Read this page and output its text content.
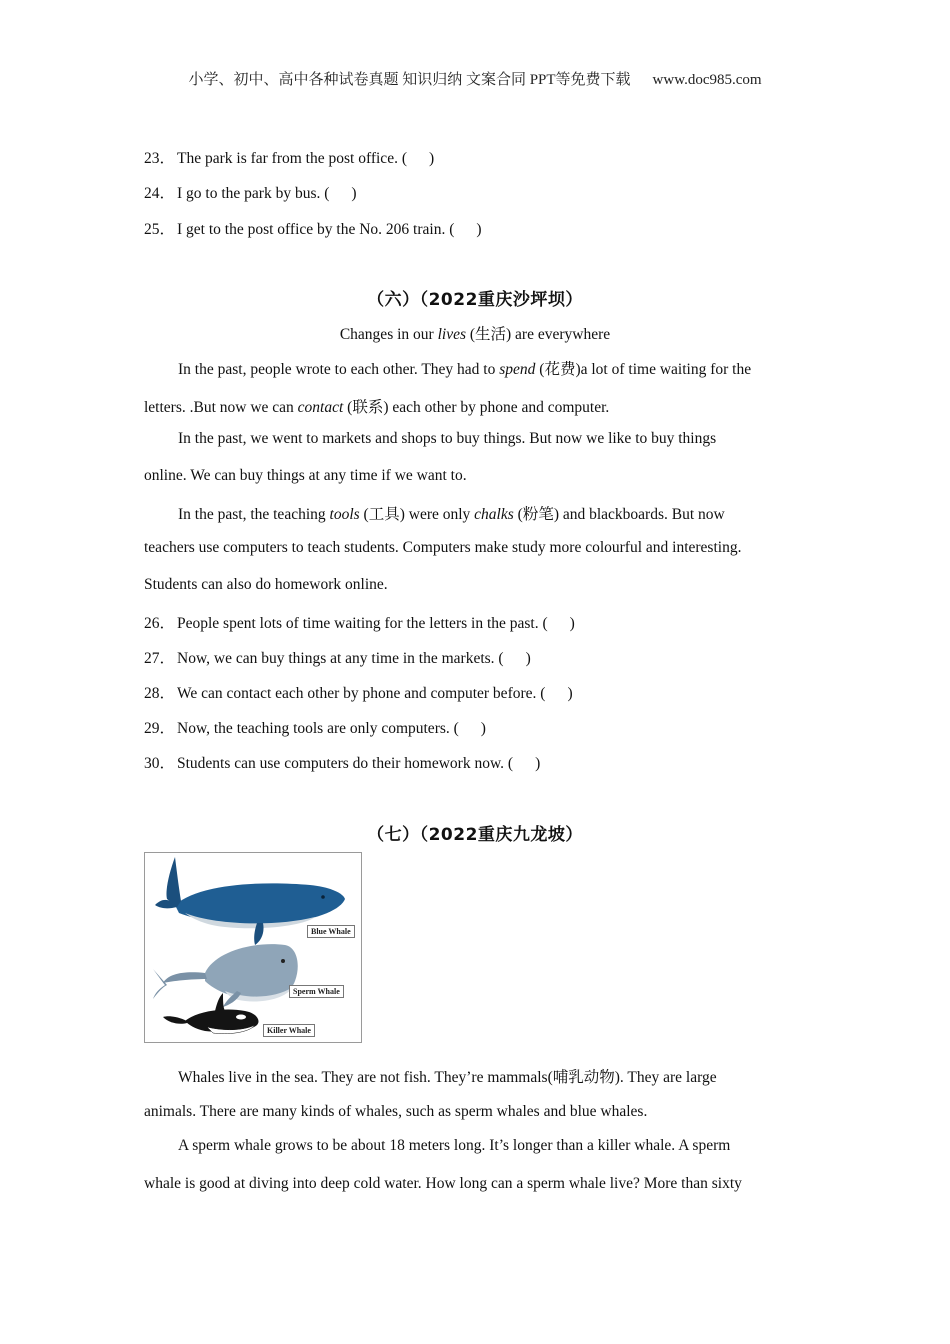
小学、初中、高中各种试卷真题 知识归纳 文案合同 PPT等免费下载 www.doc985.com
23． The park is far from the post office. ( )
24． I go to the park by bus. ( )
25． I get to the post office by the No. 206 train. ( )
（六）（2022重庆沙坪坝）
Changes in our lives (生活) are everywhere
In the past, people wrote to each other. They had to spend (花费)a lot of time waiting for the
letters. .But now we can contact (联系) each other by phone and computer.
In the past, we went to markets and shops to buy things. But now we like to buy things
online. We can buy things at any time if we want to.
In the past, the teaching tools (工具) were only chalks (粉笔) and blackboards. But now
teachers use computers to teach students. Computers make study more colourful and interesting.
Students can also do homework online.
26． People spent lots of time waiting for the letters in the past. ( )
27． Now, we can buy things at any time in the markets. ( )
28． We can contact each other by phone and computer before. ( )
29． Now, the teaching tools are only computers. ( )
30． Students can use computers do their homework now. ( )
（七）（2022重庆九龙坡）
Blue Whale
Sperm Whale
Killer Whale
Whales live in the sea. They are not fish. They’re mammals(哺乳动物). They are large
animals. There are many kinds of whales, such as sperm whales and blue whales.
A sperm whale grows to be about 18 meters long. It’s longer than a killer whale. A sperm
whale is good at diving into deep cold water. How long can a sperm whale live? More than sixty
